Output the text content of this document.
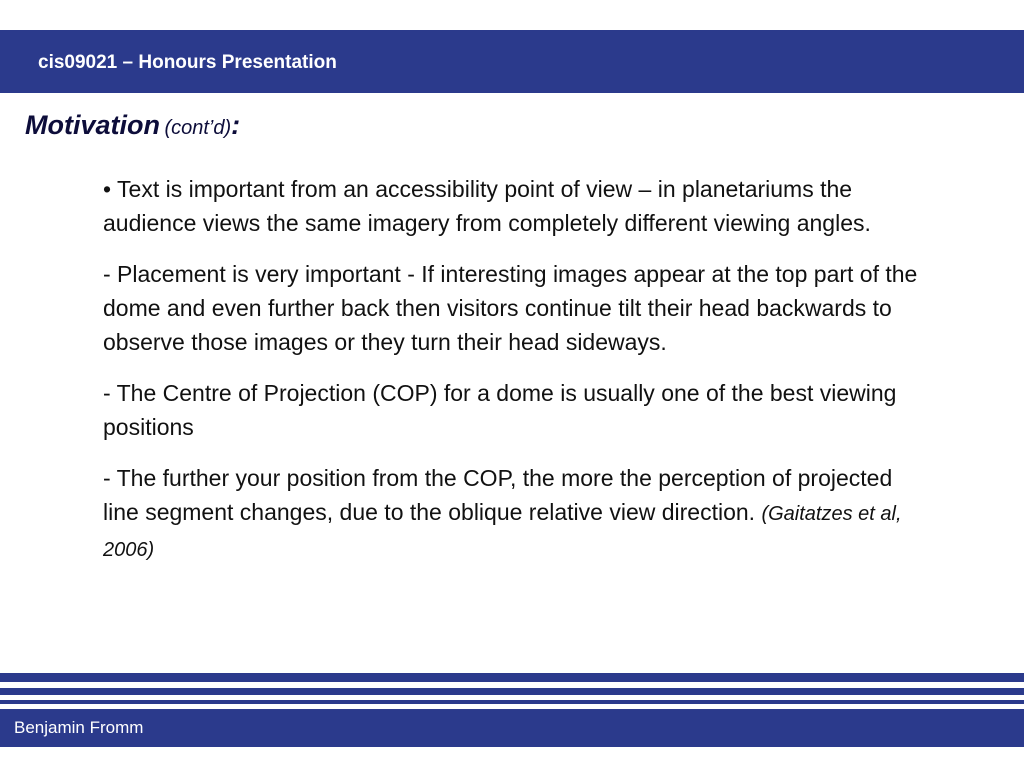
cis09021 – Honours Presentation
Motivation (cont’d):

• Text is important from an accessibility point of view – in planetariums the audience views the same imagery from completely different viewing angles.

- Placement is very important - If interesting images appear at the top part of the dome and even further back then visitors continue tilt their head backwards to observe those images or they turn their head sideways.

- The Centre of Projection (COP) for a dome is usually one of the best viewing positions

- The further your position from the COP, the more the perception of projected line segment changes, due to the oblique relative view direction. (Gaitatzes et al, 2006)

Benjamin Fromm
